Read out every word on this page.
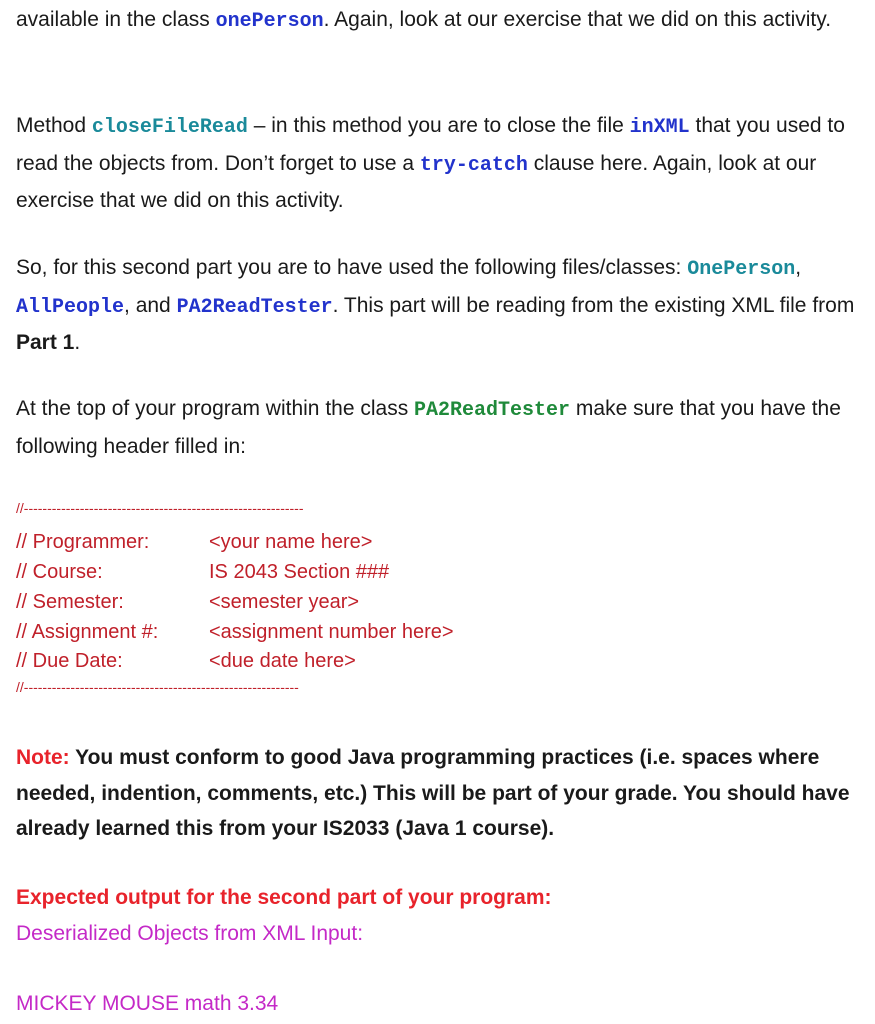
available in the class onePerson. Again, look at our exercise that we did on this activity.

Method closeFileRead – in this method you are to close the file inXML that you used to read the objects from. Don’t forget to use a try-catch clause here. Again, look at our exercise that we did on this activity.

So, for this second part you are to have used the following files/classes: OnePerson, AllPeople, and PA2ReadTester. This part will be reading from the existing XML file from Part 1.

At the top of your program within the class PA2ReadTester make sure that you have the following header filled in:

//------------------------------------------------------------
// Programmer:	<your name here>
// Course:	IS 2043 Section ###
// Semester:	<semester year>
// Assignment #:	<assignment number here>
// Due Date:	<due date here>
//-----------------------------------------------------------

Note: You must conform to good Java programming practices (i.e. spaces where needed, indention, comments, etc.) This will be part of your grade. You should have already learned this from your IS2033 (Java 1 course).

Expected output for the second part of your program:

Deserialized Objects from XML Input:

MICKEY MOUSE math 3.34
